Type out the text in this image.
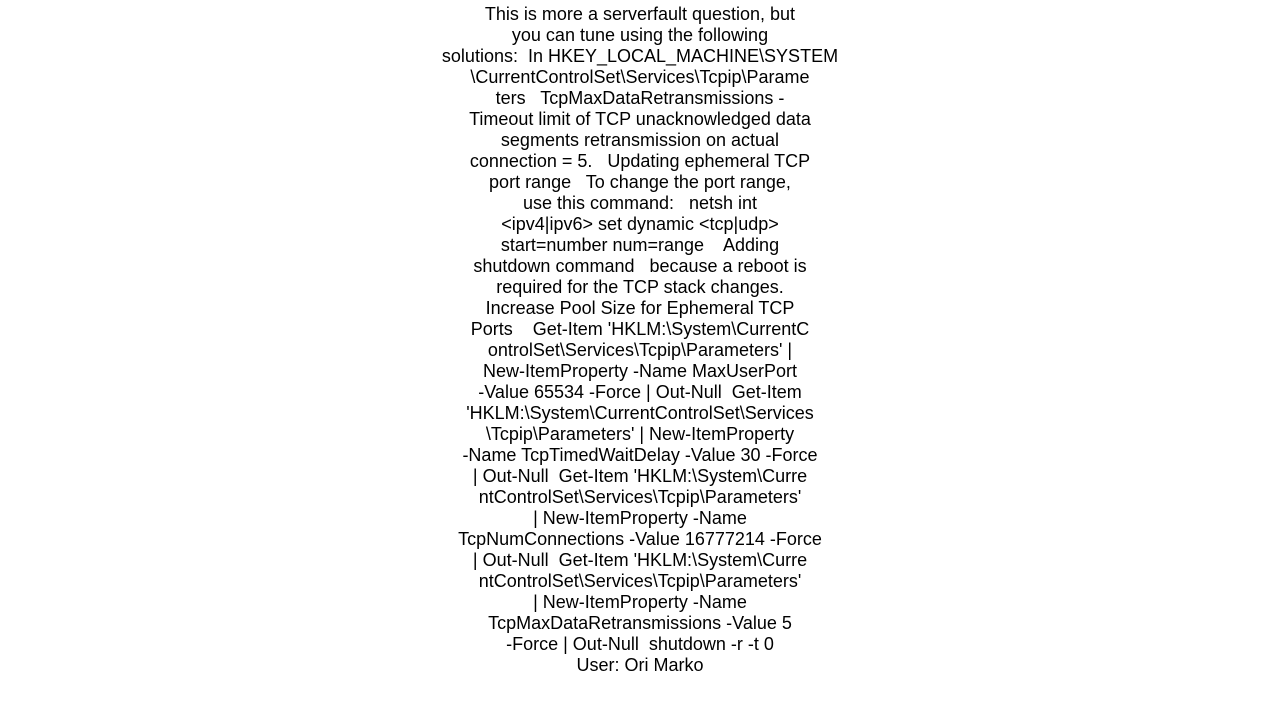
This is more a serverfault question, but
you can tune using the following
solutions:  In HKEY_LOCAL_MACHINE\SYSTEM
\CurrentControlSet\Services\Tcpip\Parame
ters   TcpMaxDataRetransmissions -
Timeout limit of TCP unacknowledged data
segments retransmission on actual
connection = 5.   Updating ephemeral TCP
port range   To change the port range,
use this command:   netsh int
<ipv4|ipv6> set dynamic <tcp|udp>
start=number num=range    Adding
shutdown command   because a reboot is
required for the TCP stack changes.
Increase Pool Size for Ephemeral TCP
Ports    Get-Item 'HKLM:\System\CurrentC
ontrolSet\Services\Tcpip\Parameters' |
New-ItemProperty -Name MaxUserPort
-Value 65534 -Force | Out-Null  Get-Item
'HKLM:\System\CurrentControlSet\Services
\Tcpip\Parameters' | New-ItemProperty
-Name TcpTimedWaitDelay -Value 30 -Force
| Out-Null  Get-Item 'HKLM:\System\Curre
ntControlSet\Services\Tcpip\Parameters'
| New-ItemProperty -Name
TcpNumConnections -Value 16777214 -Force
| Out-Null  Get-Item 'HKLM:\System\Curre
ntControlSet\Services\Tcpip\Parameters'
| New-ItemProperty -Name
TcpMaxDataRetransmissions -Value 5
-Force | Out-Null  shutdown -r -t 0
User: Ori Marko
